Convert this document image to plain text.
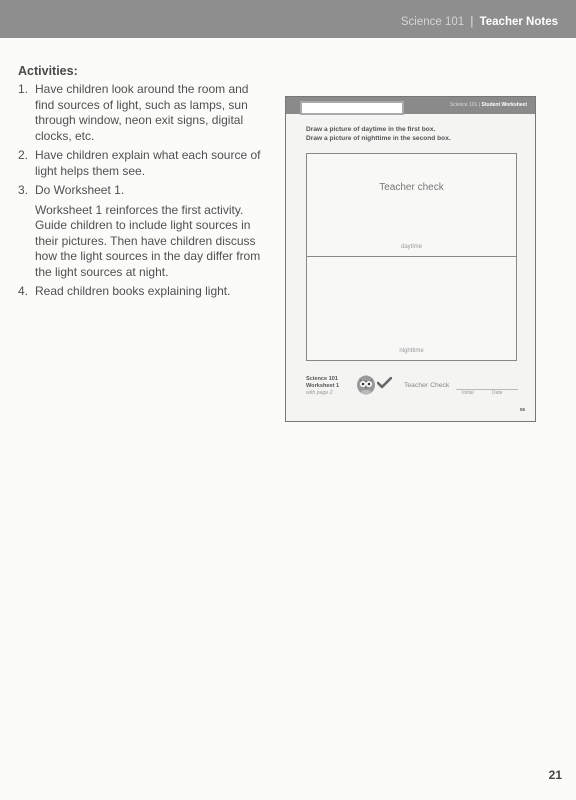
Science 101 | Teacher Notes
Activities:
1. Have children look around the room and find sources of light, such as lamps, sun through window, neon exit signs, digital clocks, etc.
2. Have children explain what each source of light helps them see.
3. Do Worksheet 1.

Worksheet 1 reinforces the first activity. Guide children to include light sources in their pictures. Then have children discuss how the light sources in the day differ from the light sources at night.

4. Read children books explaining light.
Science 101 | Student Worksheet
Draw a picture of daytime in the first box.
Draw a picture of nighttime in the second box.
Teacher check
daytime
nighttime
Science 101
Worksheet 1
with page 2
Teacher Check
Initial	Date
55
21
